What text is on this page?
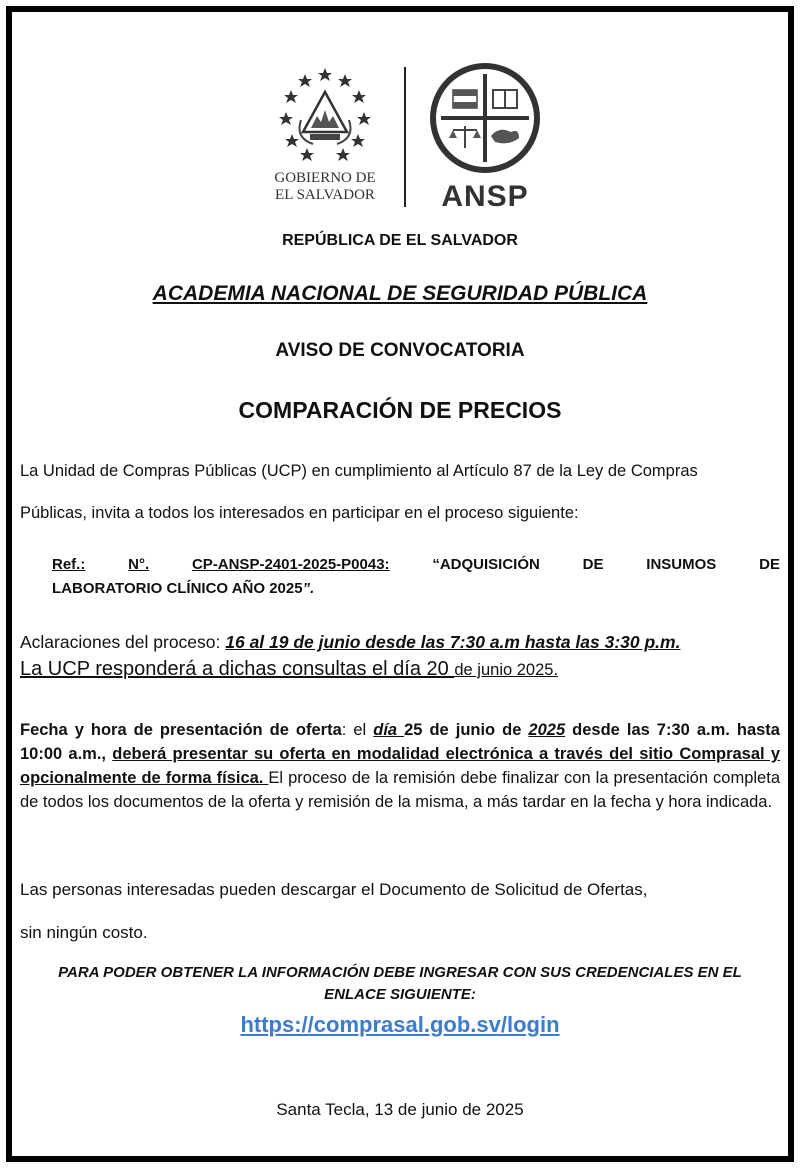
GOBIERNO DE
EL SALVADOR	ANSP
REPÚBLICA DE EL SALVADOR
ACADEMIA NACIONAL DE SEGURIDAD PÚBLICA
AVISO DE CONVOCATORIA
COMPARACIÓN DE PRECIOS
La Unidad de Compras Públicas (UCP) en cumplimiento al Artículo 87 de la Ley de Compras
Públicas, invita a todos los interesados en participar en el proceso siguiente:
Ref.:	N°.	CP-ANSP-2401-2025-P0043:	“ADQUISICIÓN	DE	INSUMOS	DE
LABORATORIO CLÍNICO AÑO 2025”.
Aclaraciones del proceso: 16 al 19 de junio desde las 7:30 a.m hasta las 3:30 p.m.
La UCP responderá a dichas consultas el día 20 de junio 2025.
Fecha y hora de presentación de oferta: el día 25 de junio de 2025 desde las 7:30 a.m. hasta 10:00 a.m., deberá presentar su oferta en modalidad electrónica a través del sitio Comprasal y opcionalmente de forma física. El proceso de la remisión debe finalizar con la presentación completa de todos los documentos de la oferta y remisión de la misma, a más tardar en la fecha y hora indicada.
Las personas interesadas pueden descargar el Documento de Solicitud de Ofertas,
sin ningún costo.
PARA PODER OBTENER LA INFORMACIÓN DEBE INGRESAR CON SUS CREDENCIALES EN EL ENLACE SIGUIENTE:
https://comprasal.gob.sv/login
Santa Tecla, 13 de junio de 2025
